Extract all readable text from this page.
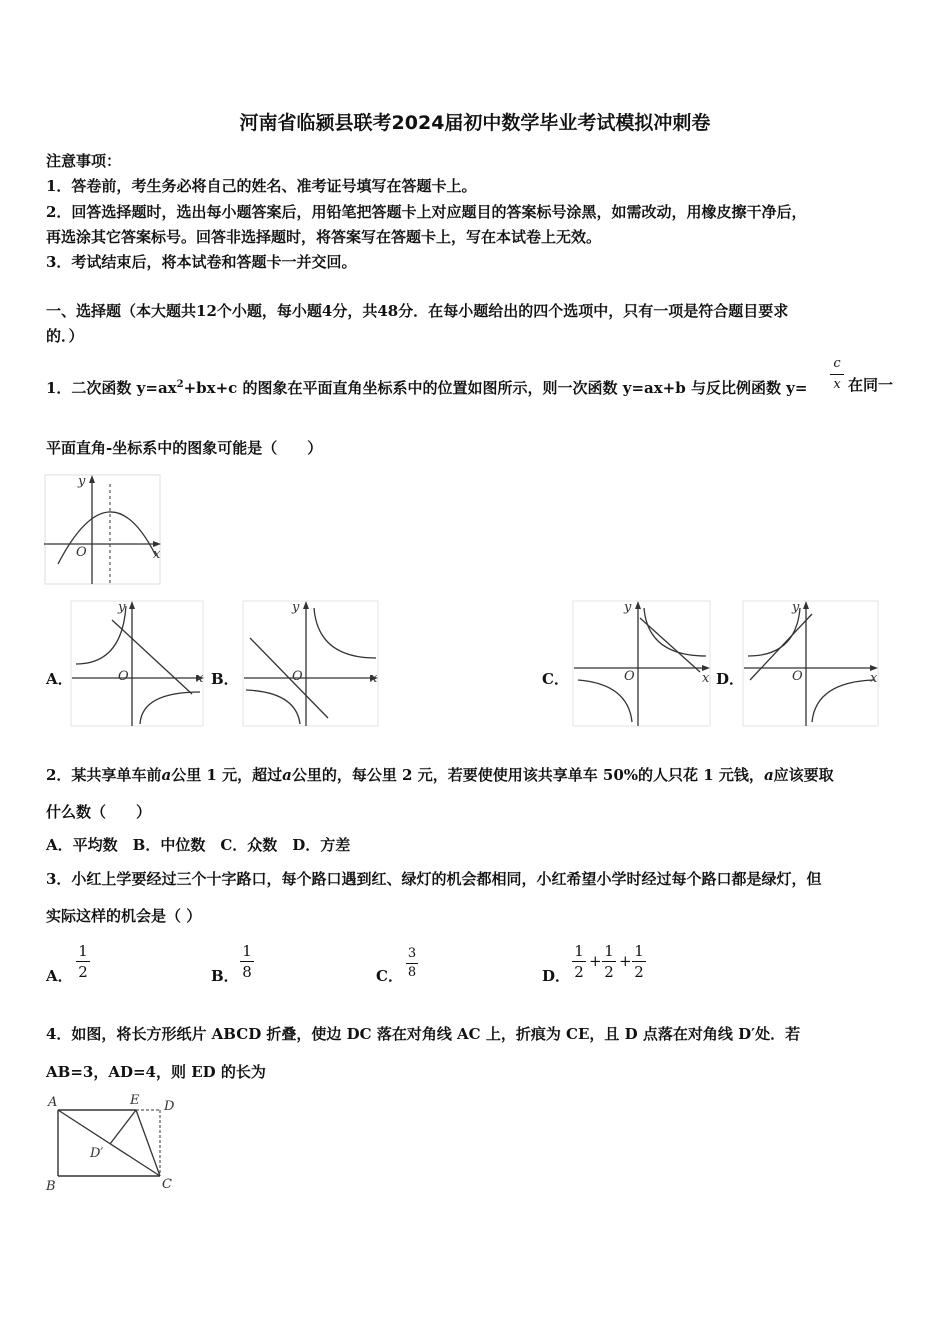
河南省临颍县联考2024届初中数学毕业考试模拟冲刺卷
注意事项：
1．答卷前，考生务必将自己的姓名、准考证号填写在答题卡上。
2．回答选择题时，选出每小题答案后，用铅笔把答题卡上对应题目的答案标号涂黑，如需改动，用橡皮擦干净后，
再选涂其它答案标号。回答非选择题时，将答案写在答题卡上，写在本试卷上无效。
3．考试结束后，将本试卷和答题卡一并交回。
一、选择题（本大题共12个小题，每小题4分，共48分．在每小题给出的四个选项中，只有一项是符合题目要求
的．）
1．二次函数 $y=ax^2+bx+c$ 的图象在平面直角坐标系中的位置如图所示，则一次函数 y=ax+b 与反比例函数 y=
c
x 在同一
平面直角-坐标系中的图象可能是（　　）
y
x
O
A．
y
x
O	B．
y
x
O	C．
y
x
O	D．
y
x
O
2．某共享单车前a公里 1 元，超过a公里的，每公里 2 元，若要使使用该共享单车 50%的人只花 1 元钱，a应该要取
什么数（　　）
A．平均数　B．中位数　C．众数　D．方差
3．小红上学要经过三个十字路口，每个路口遇到红、绿灯的机会都相同，小红希望小学时经过每个路口都是绿灯，但
实际这样的机会是（ ）
A．
1
2	B．
1
8	C．
3
8	D．
1
2
+
1
2
+
1
2
4．如图，将长方形纸片 ABCD 折叠，使边 DC 落在对角线 AC 上，折痕为 CE，且 D 点落在对角线 D′处．若
AB=3，AD=4，则 ED 的长为
A	E D
D′
B	C
